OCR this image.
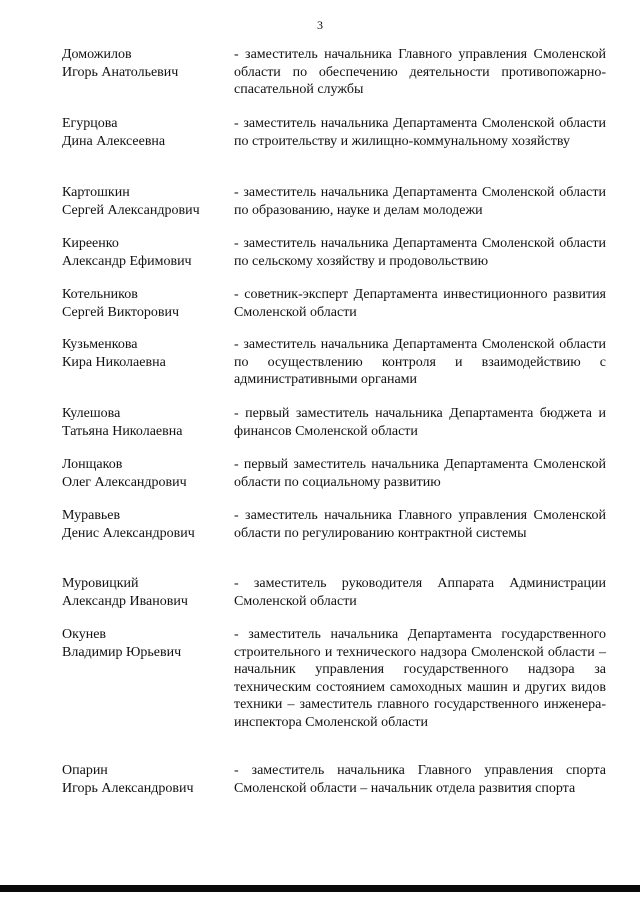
3
Доможилов
Игорь Анатольевич
- заместитель начальника Главного управления Смоленской области по обеспечению деятельности противопожарно-спасательной службы
Егурцова
Дина Алексеевна
- заместитель начальника Департамента Смоленской области по строительству и жилищно-коммунальному хозяйству
Картошкин
Сергей Александрович
- заместитель начальника Департамента Смоленской области по образованию, науке и делам молодежи
Киреенко
Александр Ефимович
- заместитель начальника Департамента Смоленской области по сельскому хозяйству и продовольствию
Котельников
Сергей Викторович
- советник-эксперт Департамента инвестиционного развития Смоленской области
Кузьменкова
Кира Николаевна
- заместитель начальника Департамента Смоленской области по осуществлению контроля и взаимодействию с административными органами
Кулешова
Татьяна Николаевна
- первый заместитель начальника Департамента бюджета и финансов Смоленской области
Лонщаков
Олег Александрович
- первый заместитель начальника Департамента Смоленской области по социальному развитию
Муравьев
Денис Александрович
- заместитель начальника Главного управления Смоленской области по регулированию контрактной системы
Муровицкий
Александр Иванович
- заместитель руководителя Аппарата Администрации Смоленской области
Окунев
Владимир Юрьевич
- заместитель начальника Департамента государственного строительного и технического надзора Смоленской области – начальник управления государственного надзора за техническим состоянием самоходных машин и других видов техники – заместитель главного государственного инженера-инспектора Смоленской области
Опарин
Игорь Александрович
- заместитель начальника Главного управления спорта Смоленской области – начальник отдела развития спорта
